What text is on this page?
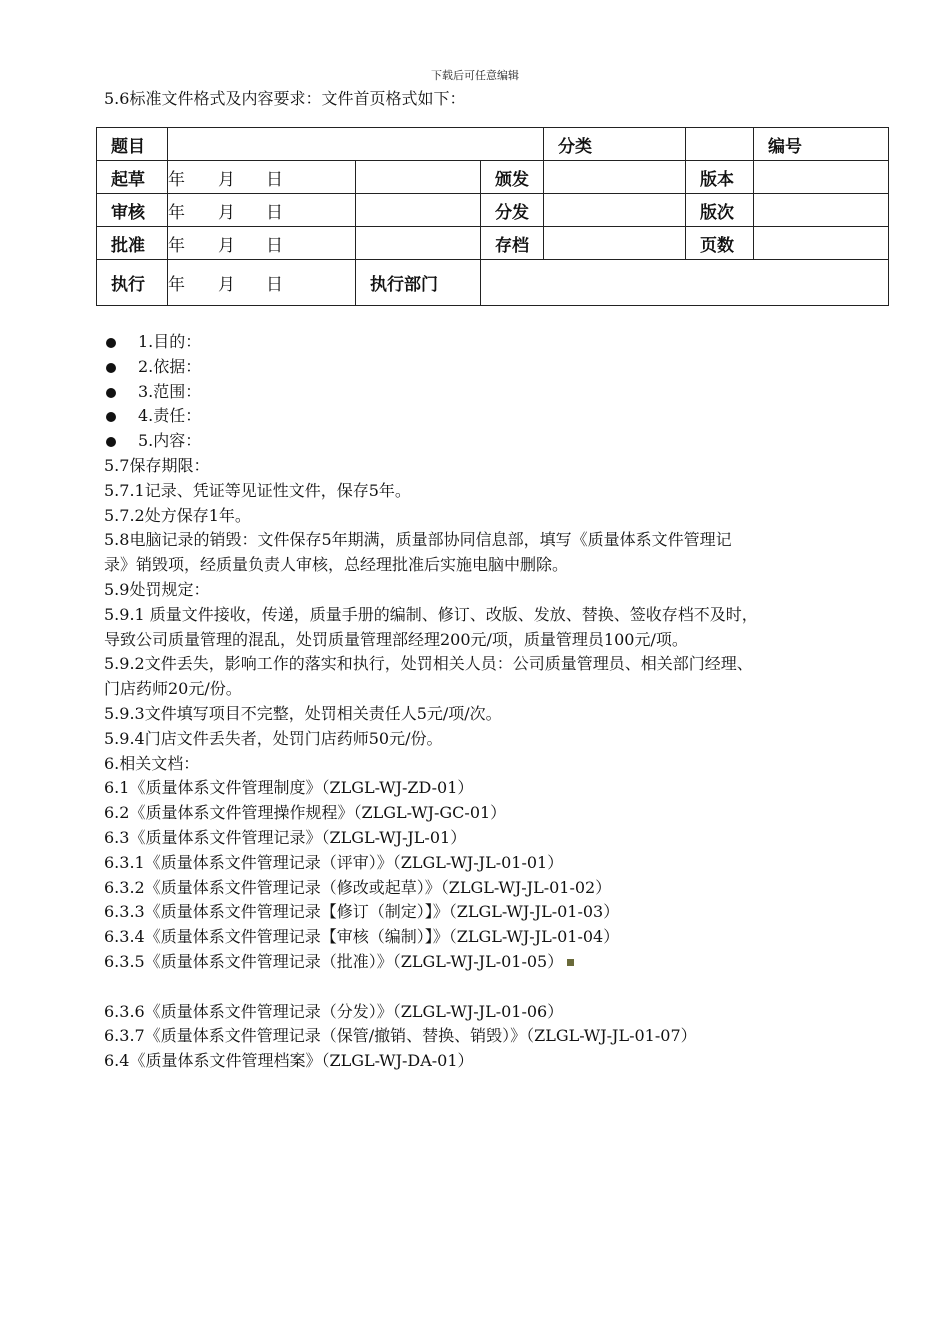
下载后可任意编辑
5.6标准文件格式及内容要求：文件首页格式如下：
题目				分类		编号	
起草	年 月 日		颁发		版本		
审核	年 月 日		分发		版次		
批准	年 月 日		存档		页数		
执行	年 月 日	执行部门					
1.目的：
2.依据：
3.范围：
4.责任：
5.内容：
5.7保存期限：
5.7.1记录、凭证等见证性文件，保存5年。
5.7.2处方保存1年。
5.8电脑记录的销毁：文件保存5年期满，质量部协同信息部，填写《质量体系文件管理记
录》销毁项，经质量负责人审核，总经理批准后实施电脑中删除。
5.9处罚规定：
5.9.1 质量文件接收，传递，质量手册的编制、修订、改版、发放、替换、签收存档不及时，
导致公司质量管理的混乱，处罚质量管理部经理200元/项，质量管理员100元/项。
5.9.2文件丢失，影响工作的落实和执行，处罚相关人员：公司质量管理员、相关部门经理、
门店药师20元/份。
5.9.3文件填写项目不完整，处罚相关责任人5元/项/次。
5.9.4门店文件丢失者，处罚门店药师50元/份。
6.相关文档：
6.1《质量体系文件管理制度》（ZLGL-WJ-ZD-01）
6.2《质量体系文件管理操作规程》（ZLGL-WJ-GC-01）
6.3《质量体系文件管理记录》（ZLGL-WJ-JL-01）
6.3.1《质量体系文件管理记录（评审）》（ZLGL-WJ-JL-01-01）
6.3.2《质量体系文件管理记录（修改或起草）》（ZLGL-WJ-JL-01-02）
6.3.3《质量体系文件管理记录【修订（制定）】》（ZLGL-WJ-JL-01-03）
6.3.4《质量体系文件管理记录【审核（编制）】》（ZLGL-WJ-JL-01-04）
6.3.5《质量体系文件管理记录（批准）》（ZLGL-WJ-JL-01-05）
6.3.6《质量体系文件管理记录（分发）》（ZLGL-WJ-JL-01-06）
6.3.7《质量体系文件管理记录（保管/撤销、替换、销毁）》（ZLGL-WJ-JL-01-07）
6.4《质量体系文件管理档案》（ZLGL-WJ-DA-01）
